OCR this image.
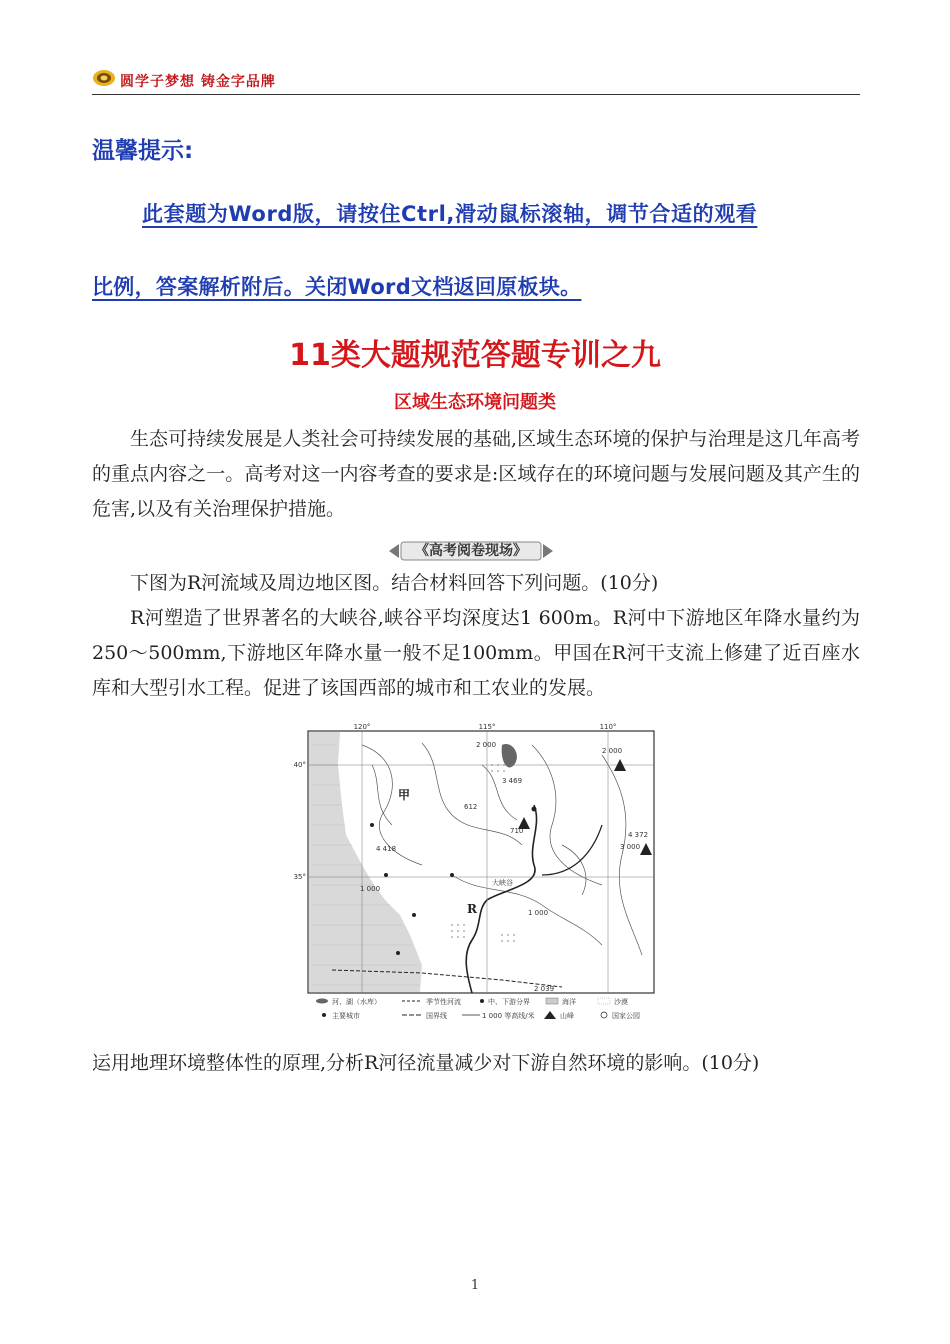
圆学子梦想 铸金字品牌
温馨提示:
此套题为Word版，请按住Ctrl,滑动鼠标滚轴，调节合适的观看
比例，答案解析附后。关闭Word文档返回原板块。
11类大题规范答题专训之九
区域生态环境问题类
生态可持续发展是人类社会可持续发展的基础,区域生态环境的保护与治理是这几年高考的重点内容之一。高考对这一内容考查的要求是:区域存在的环境问题与发展问题及其产生的危害,以及有关治理保护措施。
《高考阅卷现场》
下图为R河流域及周边地区图。结合材料回答下列问题。(10分)
R河塑造了世界著名的大峡谷,峡谷平均深度达1 600m。R河中下游地区年降水量约为250～500mm,下游地区年降水量一般不足100mm。甲国在R河干支流上修建了近百座水库和大型引水工程。促进了该国西部的城市和工农业的发展。
120°	115°	110°
40°
35°
甲
R
大峡谷
2 000
3 469
612
2 000
4 372
3 000
4 418
710
1 000
1 000
2 039
河、湖（水库）	季节性河流	中、下游分界	海洋	沙漠
主要城市	国界线	1 000 等高线/米	山峰	国家公园
运用地理环境整体性的原理,分析R河径流量减少对下游自然环境的影响。(10分)
1
